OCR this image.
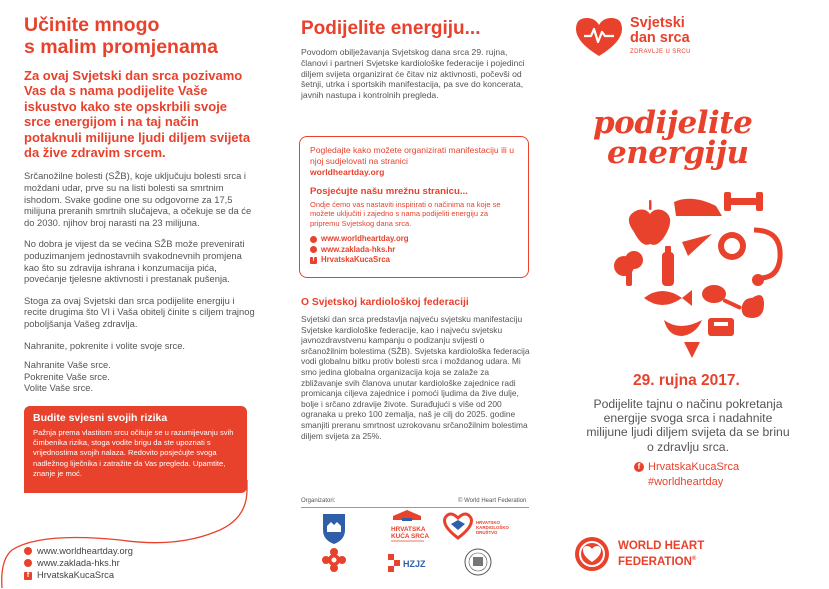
Učinite mnogo
s malim promjenama
Za ovaj Svjetski dan srca pozivamo Vas da s nama podijelite Vaše iskustvo kako ste opskrbili svoje srce energijom i na taj način potaknuli milijune ljudi diljem svijeta da žive zdravim srcem.
Srčanožilne bolesti (SŽB), koje uključuju bolesti srca i moždani udar, prve su na listi bolesti sa smrtnim ishodom. Svake godine one su odgovorne za 17,5 milijuna preranih smrtnih slučajeva, a očekuje se da će do 2030. njihov broj narasti na 23 milijuna.
No dobra je vijest da se većina SŽB može prevenirati poduzimanjem jednostavnih svakodnevnih promjena kao što su zdravija ishrana i konzumacija pića, povećanje tjelesne aktivnosti i prestanak pušenja.
Stoga za ovaj Svjetski dan srca podijelite energiju i recite drugima što VI i Vaša obitelj činite s ciljem trajnog poboljšanja Vašeg zdravlja.
Nahranite, pokrenite i volite svoje srce.
Nahranite Vaše srce.
Pokrenite Vaše srce.
Volite Vaše srce.
Budite svjesni svojih rizika
Pažnja prema vlastitom srcu očituje se u razumijevanju svih čimbenika rizika, stoga vodite brigu da ste upoznati s vrijednostima svojih nalaza. Redovito posjećujte svoga nadležnog liječnika i zatražite da Vas pregleda. Upamtite, znanje je moć.
www.worldheartday.org
www.zaklada-hks.hr
f HrvatskaKucaSrca
Podijelite energiju...
Povodom obilježavanja Svjetskog dana srca 29. rujna, članovi i partneri Svjetske kardiološke federacije i pojedinci diljem svijeta organizirat će čitav niz aktivnosti, počevši od šetnji, utrka i sportskih manifestacija, pa sve do koncerata, javnih nastupa i kontrolnih pregleda.
Pogledajte kako možete organizirati manifestaciju ili u njoj sudjelovati na stranici
worldheartday.org
Posjećujte našu mrežnu stranicu...
Ondje ćemo vas nastaviti inspirirati o načinima na koje se možete uključiti i zajedno s nama podijeliti energiju za pripremu Svjetskog dana srca.
www.worldheartday.org
www.zaklada-hks.hr
f HrvatskaKucaSrca
O Svjetskoj kardiološkoj federaciji
Svjetski dan srca predstavlja najveću svjetsku manifestaciju Svjetske kardiološke federacije, kao i najveću svjetsku javnozdravstvenu kampanju o podizanju svijesti o srčanožilnim bolestima (SŽB). Svjetska kardiološka federacija vodi globalnu bitku protiv bolesti srca i moždanog udara. Mi smo jedina globalna organizacija koja se zalaže za zbližavanje svih članova unutar kardiološke zajednice radi promicanja ciljeva zajednice i pomoći ljudima da žive dulje, bolje i srčano zdravije živote. Surađujući s više od 200 ogranaka u preko 100 zemalja, naš je cilj do 2025. godine smanjiti preranu smrtnost uzrokovanu srčanožilnim bolestima diljem svijeta za 25%.
Organizatori:	© World Heart Federation
HRVATSKA
KUĆA SRCA
HRVATSKO
KARDIOLOŠKO
DRUŠTVO
HZJZ
Svjetski
dan srca
ZDRAVLJE U SRCU
podijelite
energiju
29. rujna 2017.
Podijelite tajnu o načinu pokretanja energije svoga srca i nadahnite milijune ljudi diljem svijeta da se brinu o zdravlju srca.
f HrvatskaKucaSrca
#worldheartday
WORLD HEART
FEDERATION®
